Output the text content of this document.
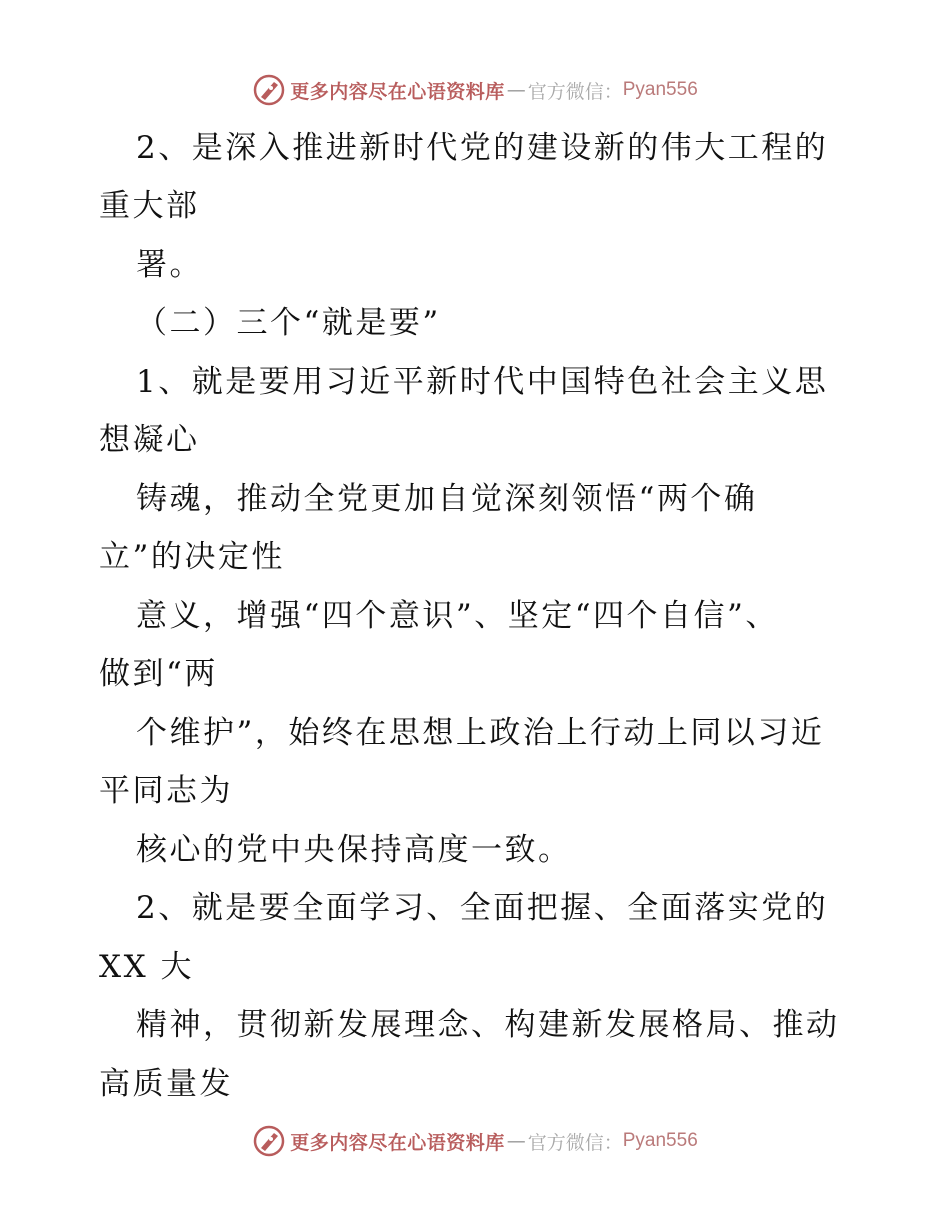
更多内容尽在心语资料库 — 官方微信： Pyan556
2、是深入推进新时代党的建设新的伟大工程的
重大部
署。
（二）三个“就是要”
1、就是要用习近平新时代中国特色社会主义思
想凝心
铸魂，推动全党更加自觉深刻领悟“两个确
立”的决定性
意义，增强“四个意识”、坚定“四个自信”、
做到“两
个维护”，始终在思想上政治上行动上同以习近
平同志为
核心的党中央保持高度一致。
2、就是要全面学习、全面把握、全面落实党的
XX 大
精神，贯彻新发展理念、构建新发展格局、推动
高质量发
更多内容尽在心语资料库 — 官方微信： Pyan556
